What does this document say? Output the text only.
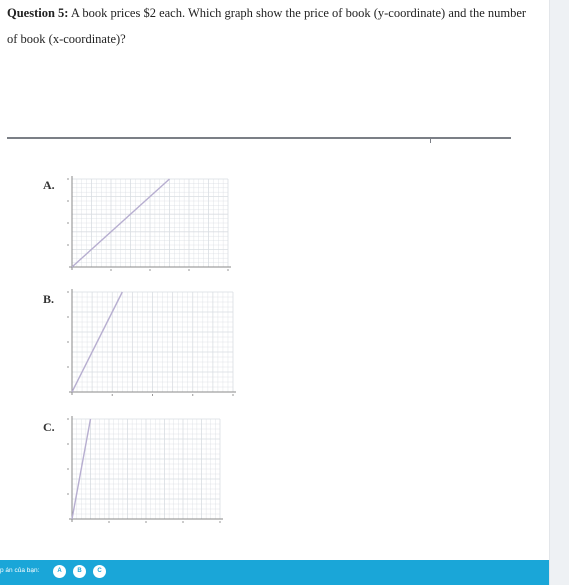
Question 5: A book prices $2 each. Which graph show the price of book (y-coordinate) and the number of book (x-coordinate)?
A.
B.
C.
p án của bạn:	A	B	C
